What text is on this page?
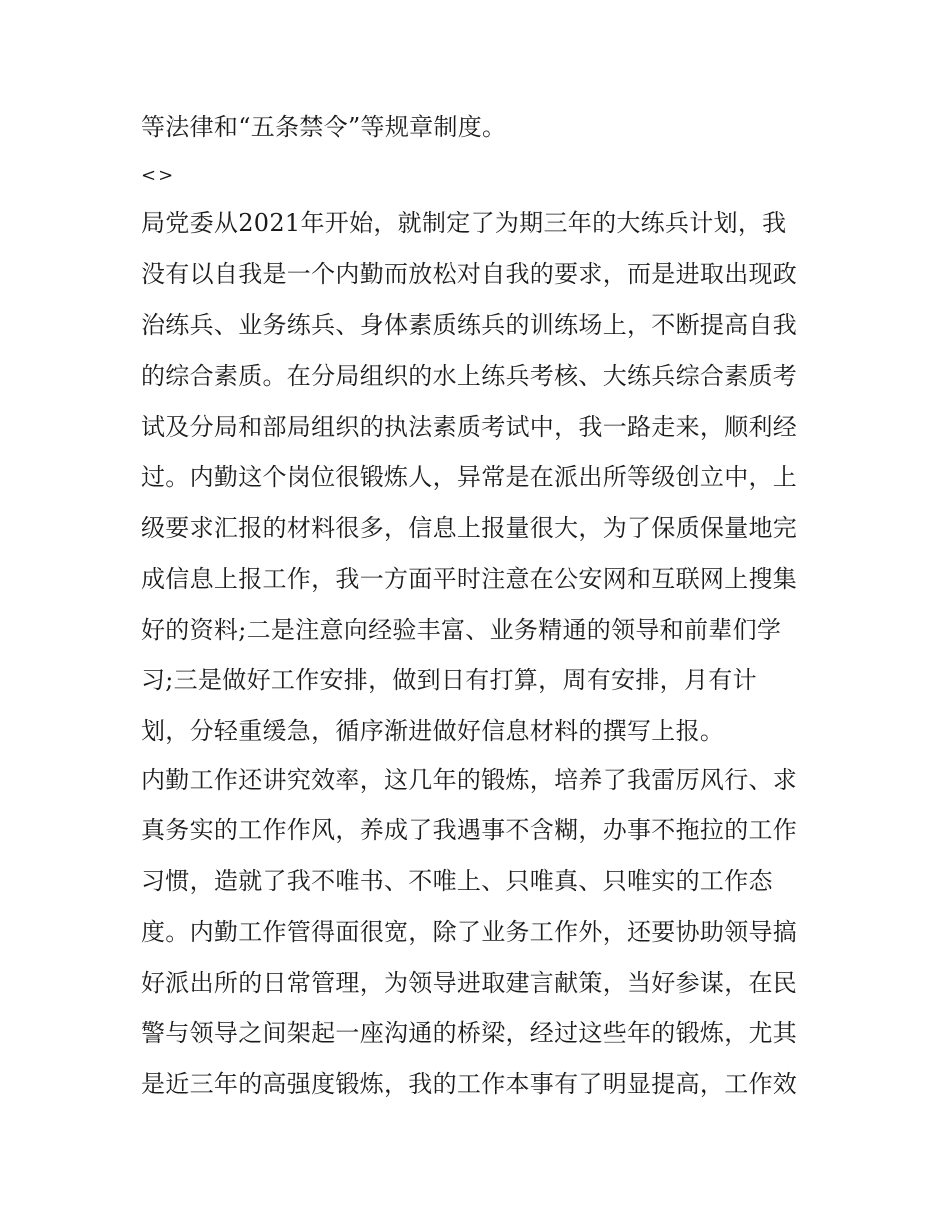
等法律和“五条禁令”等规章制度。
<>
局党委从2021年开始，就制定了为期三年的大练兵计划，我
没有以自我是一个内勤而放松对自我的要求，而是进取出现政
治练兵、业务练兵、身体素质练兵的训练场上，不断提高自我
的综合素质。在分局组织的水上练兵考核、大练兵综合素质考
试及分局和部局组织的执法素质考试中，我一路走来，顺利经
过。内勤这个岗位很锻炼人，异常是在派出所等级创立中，上
级要求汇报的材料很多，信息上报量很大，为了保质保量地完
成信息上报工作，我一方面平时注意在公安网和互联网上搜集
好的资料;二是注意向经验丰富、业务精通的领导和前辈们学
习;三是做好工作安排，做到日有打算，周有安排，月有计
划，分轻重缓急，循序渐进做好信息材料的撰写上报。
内勤工作还讲究效率，这几年的锻炼，培养了我雷厉风行、求
真务实的工作作风，养成了我遇事不含糊，办事不拖拉的工作
习惯，造就了我不唯书、不唯上、只唯真、只唯实的工作态
度。内勤工作管得面很宽，除了业务工作外，还要协助领导搞
好派出所的日常管理，为领导进取建言献策，当好参谋，在民
警与领导之间架起一座沟通的桥梁，经过这些年的锻炼，尤其
是近三年的高强度锻炼，我的工作本事有了明显提高，工作效
